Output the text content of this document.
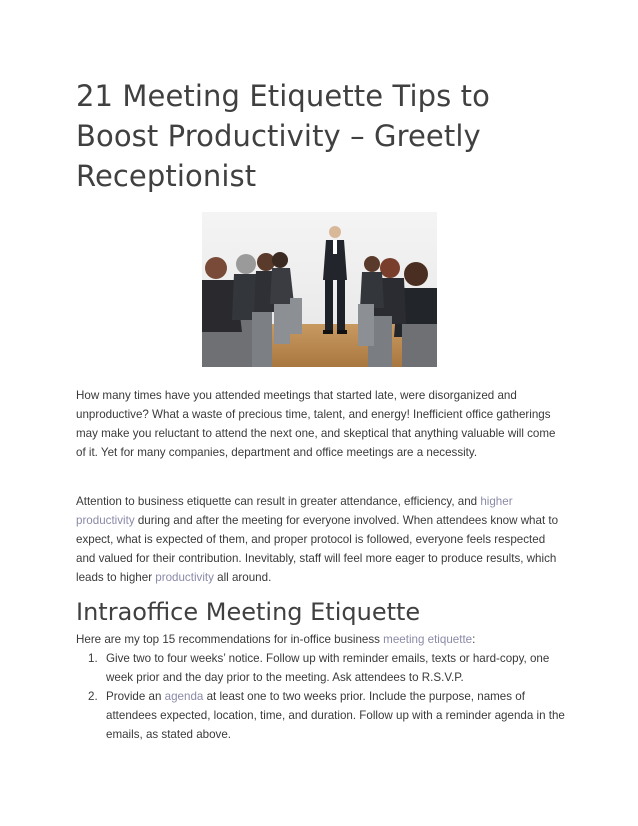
21 Meeting Etiquette Tips to Boost Productivity – Greetly Receptionist

How many times have you attended meetings that started late, were disorganized and unproductive? What a waste of precious time, talent, and energy! Inefficient office gatherings may make you reluctant to attend the next one, and skeptical that anything valuable will come of it. Yet for many companies, department and office meetings are a necessity.

Attention to business etiquette can result in greater attendance, efficiency, and higher productivity during and after the meeting for everyone involved. When attendees know what to expect, what is expected of them, and proper protocol is followed, everyone feels respected and valued for their contribution. Inevitably, staff will feel more eager to produce results, which leads to higher productivity all around.

Intraoffice Meeting Etiquette

Here are my top 15 recommendations for in-office business meeting etiquette:

1. Give two to four weeks’ notice. Follow up with reminder emails, texts or hard-copy, one week prior and the day prior to the meeting. Ask attendees to R.S.V.P.
2. Provide an agenda at least one to two weeks prior. Include the purpose, names of attendees expected, location, time, and duration. Follow up with a reminder agenda in the emails, as stated above.
